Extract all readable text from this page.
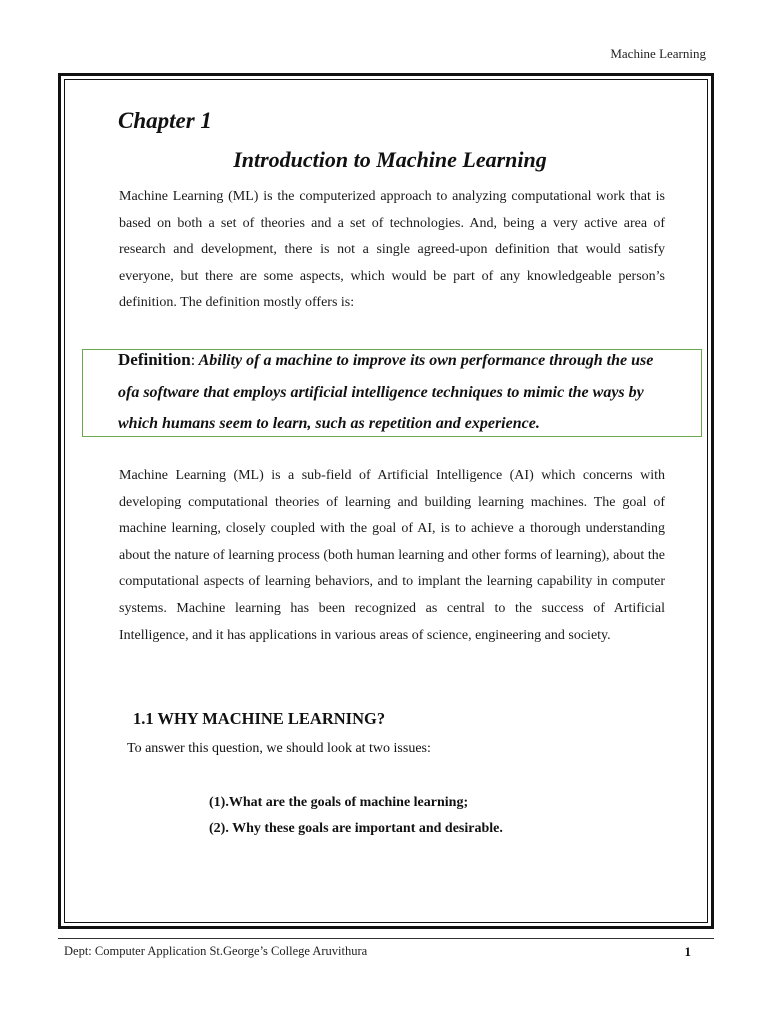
Machine Learning
Chapter 1
Introduction to Machine Learning
Machine Learning (ML) is the computerized approach to analyzing computational work that is based on both a set of theories and a set of technologies. And, being a very active area of research and development, there is not a single agreed-upon definition that would satisfy everyone, but there are some aspects, which would be part of any knowledgeable person’s definition. The definition mostly offers is:
Definition: Ability of a machine to improve its own performance through the use ofa software that employs artificial intelligence techniques to mimic the ways by which humans seem to learn, such as repetition and experience.
Machine Learning (ML) is a sub-field of Artificial Intelligence (AI) which concerns with developing computational theories of learning and building learning machines. The goal of machine learning, closely coupled with the goal of AI, is to achieve a thorough understanding about the nature of learning process (both human learning and other forms of learning), about the computational aspects of learning behaviors, and to implant the learning capability in computer systems. Machine learning has been recognized as central to the success of Artificial Intelligence, and it has applications in various areas of science, engineering and society.
1.1 WHY MACHINE LEARNING?
To answer this question, we should look at two issues:
(1).What are the goals of machine learning;
(2). Why these goals are important and desirable.
Dept: Computer Application St.George’s College Aruvithura	1
